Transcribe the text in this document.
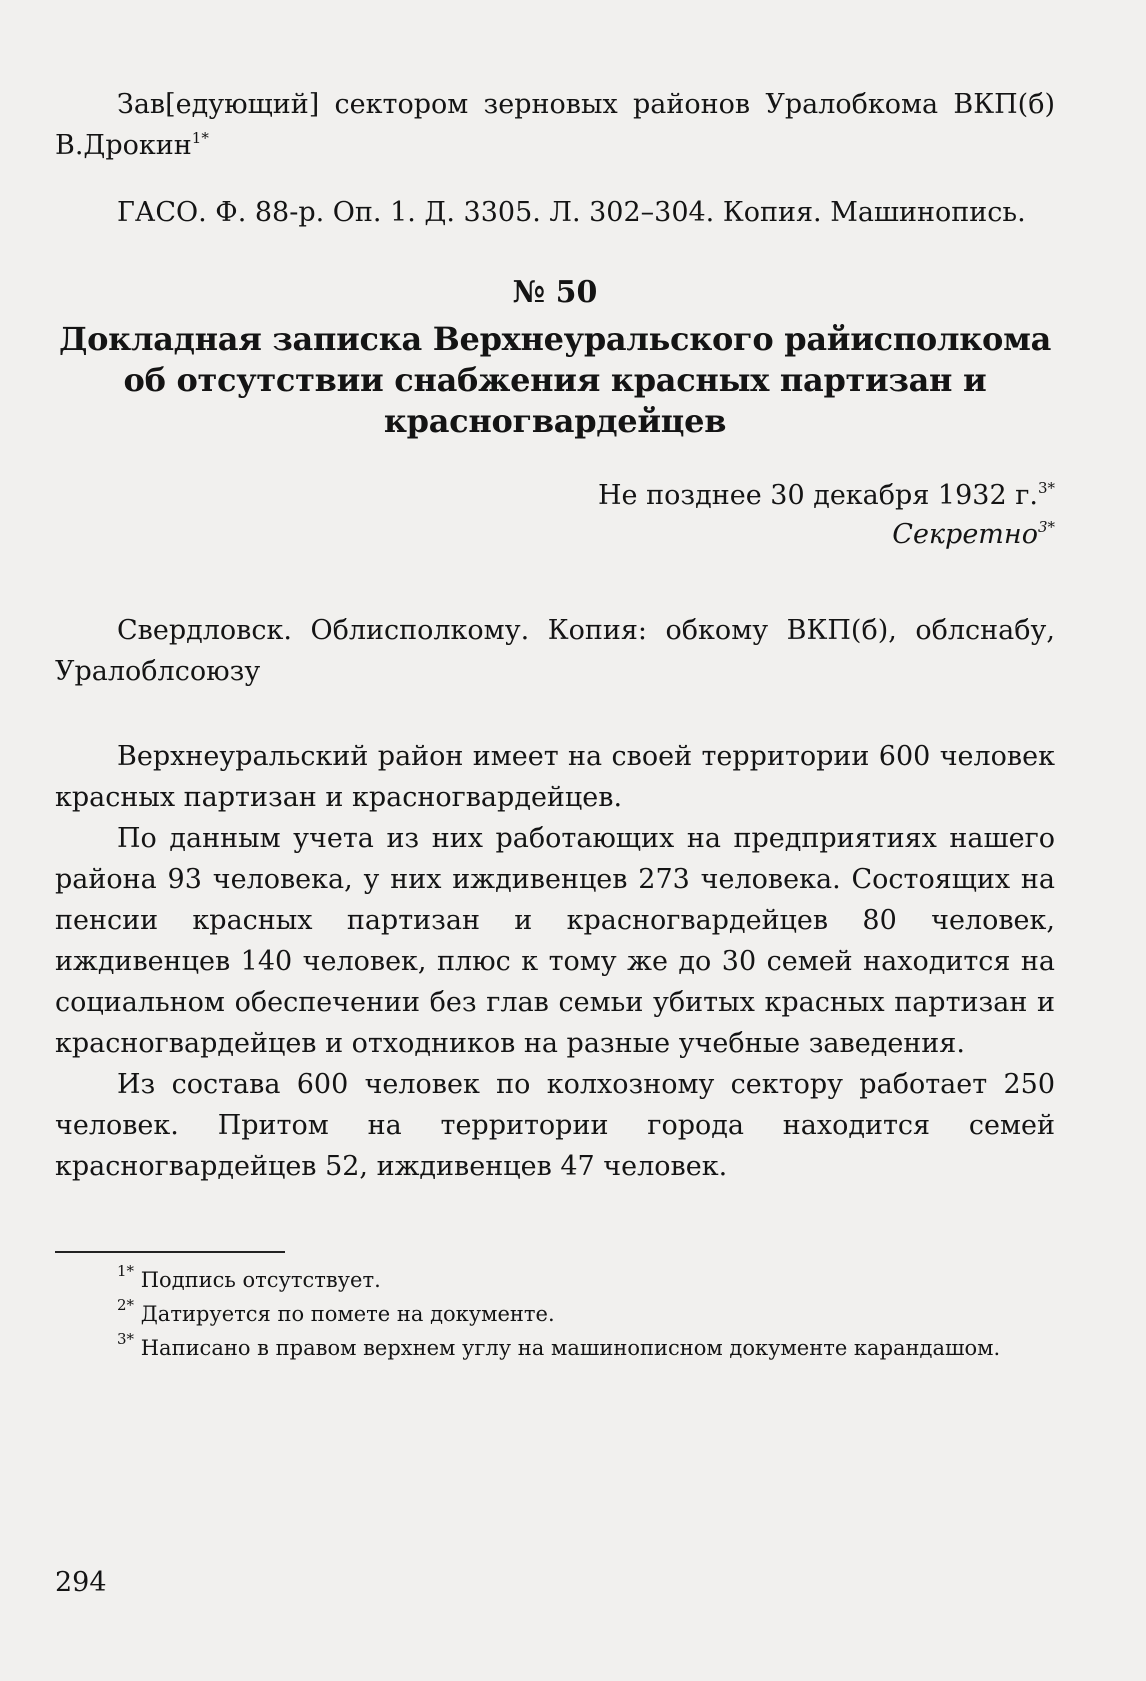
Зав[едующий] сектором зерновых районов Уралобкома ВКП(б) В.Дрокин$^{1*}$

ГАСО. Ф. 88-р. Оп. 1. Д. 3305. Л. 302–304. Копия. Машинопись.

№ 50
Докладная записка Верхнеуральского райисполкома об отсутствии снабжения красных партизан и красногвардейцев
Не позднее 30 декабря 1932 г.$^{3*}$
Секретно$^{3*}$

Свердловск. Облисполкому. Копия: обкому ВКП(б), облснабу, Уралоблсоюзу

Верхнеуральский район имеет на своей территории 600 человек красных партизан и красногвардейцев.

По данным учета из них работающих на предприятиях нашего района 93 человека, у них иждивенцев 273 человека. Состоящих на пенсии красных партизан и красногвардейцев 80 человек, иждивенцев 140 человек, плюс к тому же до 30 семей находится на социальном обеспечении без глав семьи убитых красных партизан и красногвардейцев и отходников на разные учебные заведения.

Из состава 600 человек по колхозному сектору работает 250 человек. Притом на территории города находится семей красногвардейцев 52, иждивенцев 47 человек.

$^{1*}$ Подпись отсутствует.
$^{2*}$ Датируется по помете на документе.
$^{3*}$ Написано в правом верхнем углу на машинописном документе карандашом.
294
